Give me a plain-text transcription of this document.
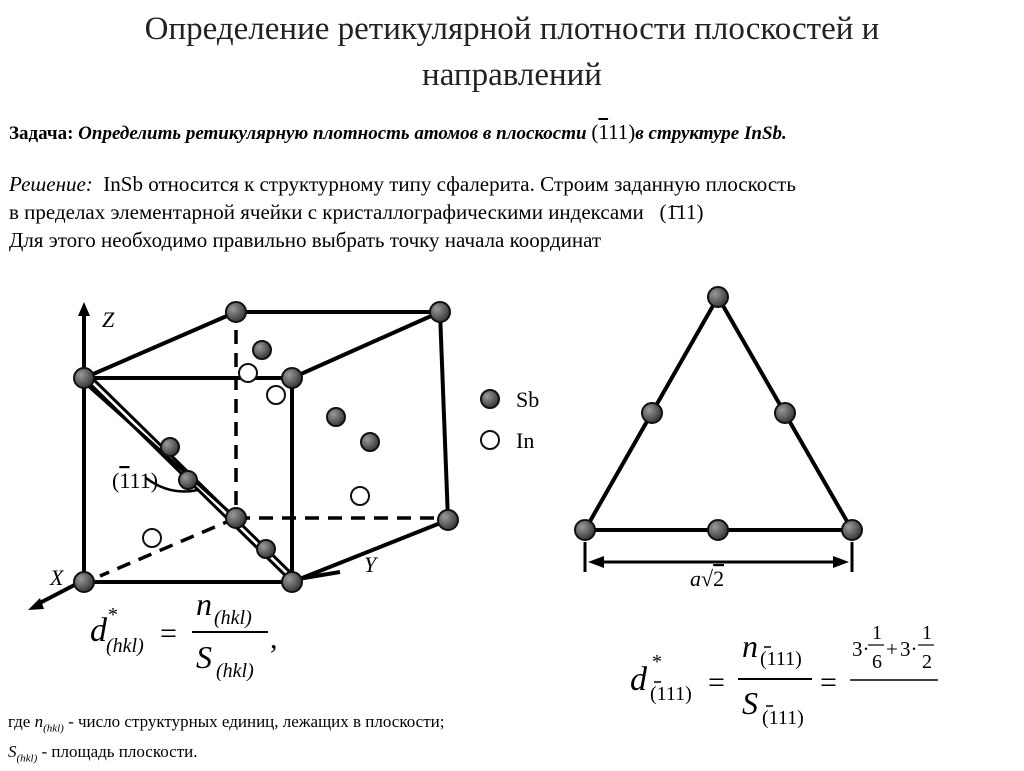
Определение ретикулярной плотности плоскостей и
направлений
Задача: Определить ретикулярную плотность атомов в плоскости (111)в структуре InSb.
Решение: InSb относится к структурному типу сфалерита. Строим заданную плоскость
в пределах элементарной ячейки с кристаллографическими индексами (1̄11)
Для этого необходимо правильно выбрать точку начала координат
Z
X
Y
(111)
Sb
In
a√2
d *
(hkl) =
n (hkl)
S (hkl)
,
d *
(111) =
n (111)
S (111)
=
3·
1
6
+ 3·
1
2
где $n_{(hkl)}$ - число структурных единиц, лежащих в плоскости;
$S_{(hkl)}$ - площадь плоскости.
